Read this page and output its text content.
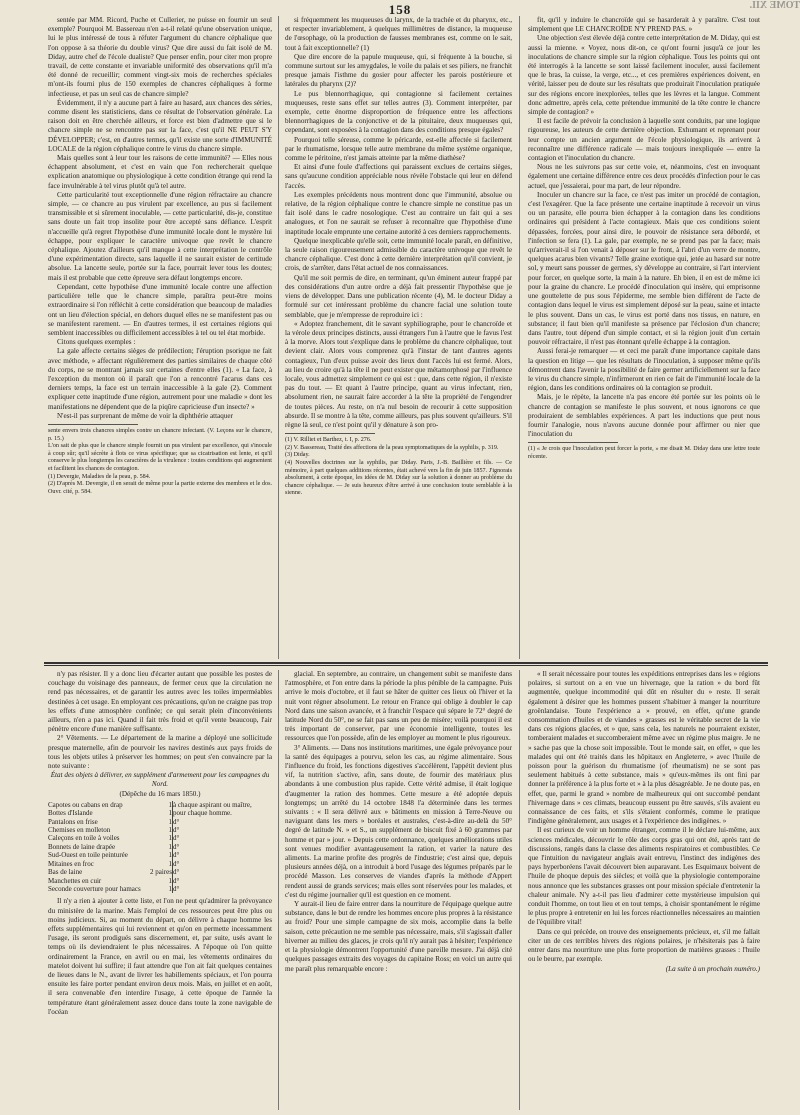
158	TOME XII.

sentée par MM. Ricord, Puche et Cullerier, ne puisse en fournir un seul exemple? Pourquoi M. Bassereau n'en a-t-il relaté qu'une observation unique, lui le plus intéressé de tous à réfuter l'argument du chancre céphalique que l'on oppose à sa théorie du double virus? Que dire aussi du fait isolé de M. Diday, autre chef de l'école dualiste? Que penser enfin, pour citer mon propre travail, de cette constante et invariable uniformité des observations qu'il m'a été donné de recueillir; comment vingt-six mois de recherches spéciales m'ont-ils fourni plus de 150 exemples de chancres céphaliques à forme infectieuse, et pas un seul cas de chancre simple?

Évidemment, il n'y a aucune part à faire au hasard, aux chances des séries, comme disent les statisticiens, dans ce résultat de l'observation générale. La raison doit en être cherchée ailleurs, et force est bien d'admettre que si le chancre simple ne se rencontre pas sur la face, c'est qu'il NE PEUT S'Y DÉVELOPPER; c'est, en d'autres termes, qu'il existe une sorte d'IMMUNITÉ LOCALE de la région céphalique contre le virus du chancre simple.

Mais quelles sont à leur tour les raisons de cette immunité? — Elles nous échappent absolument, et c'est en vain que l'on rechercherait quelque explication anatomique ou physiologique à cette condition étrange qui rend la face invulnérable à tel virus plutôt qu'à tel autre.

Cette particularité tout exceptionnelle d'une région réfractaire au chancre simple, — ce chancre au pus virulent par excellence, au pus si facilement transmissible et si sûrement inoculable, — cette particularité, dis-je, constitue sans doute un fait trop insolite pour être accepté sans défiance. L'esprit n'accueille qu'à regret l'hypothèse d'une immunité locale dont le mystère lui échappe, pour expliquer le caractère univoque que revêt le chancre céphalique. Ajoutez d'ailleurs qu'il manque à cette interprétation le contrôle d'une expérimentation directe, sans laquelle il ne saurait exister de certitude absolue. La lancette seule, portée sur la face, pourrait lever tous les doutes; mais il est probable que cette épreuve sera défaut longtemps encore.

Cependant, cette hypothèse d'une immunité locale contre une affection particulière telle que le chancre simple, paraîtra peut-être moins extraordinaire si l'on réfléchit à cette considération que beaucoup de maladies ont un lieu d'élection spécial, en dehors duquel elles ne se manifestent pas ou se manifestent rarement. — En d'autres termes, il est certaines régions qui semblent inaccessibles ou difficilement accessibles à tel ou tel état morbide.

Citons quelques exemples :

La gale affecte certains sièges de prédilection; l'éruption psorique ne fait avec méthode, » affectant régulièrement des parties similaires de chaque côté du corps, ne se montrant jamais sur certaines d'entre elles (1). « La face, à l'exception du menton où il paraît que l'on a rencontré l'acarus dans ces derniers temps, la face est un terrain inaccessible à la gale (2). Comment expliquer cette inaptitude d'une région, autrement pour une maladie » dont les manifestations ne dépendent que de la piqûre capricieuse d'un insecte? »

N'est-il pas surprenant de même de voir la diphthérie attaquer

sente envers trois chancres simples contre un chancre infectant. (V. Leçons sur le chancre, p. 15.)

L'on sait de plus que le chancre simple fournit un pus virulent par excellence, qui s'inocule à coup sûr; qu'il sécrète à flots ce virus spécifique; que sa cicatrisation est lente, et qu'il conserve le plus longtemps les caractères de la virulence : toutes conditions qui augmentent et facilitent les chances de contagion.

(1) Devergie, Maladies de la peau, p. 584.

(2) D'après M. Devergie, il en serait de même pour la partie externe des membres et le dos. Ouvr. cité, p. 584.

si fréquemment les muqueuses du larynx, de la trachée et du pharynx, etc., et respecter invariablement, à quelques millimètres de distance, la muqueuse de l'œsophage, où la production de fausses membranes est, comme on le sait, tout à fait exceptionnelle? (1)

Que dire encore de la papule muqueuse, qui, si fréquente à la bouche, si commune surtout sur les amygdales, le voile du palais et ses piliers, ne franchit presque jamais l'isthme du gosier pour affecter les parois postérieure et latérales du pharynx (2)?

Le pus blennorrhagique, qui contagionne si facilement certaines muqueuses, reste sans effet sur telles autres (3). Comment interpréter, par exemple, cette énorme disproportion de fréquence entre les affections blennorrhagiques de la conjonctive et de la pituitaire, deux muqueuses qui, cependant, sont exposées à la contagion dans des conditions presque égales?

Pourquoi telle séreuse, comme le péricarde, est-elle affectée si facilement par le rhumatisme, lorsque telle autre membrane du même système organique, comme le péritoine, n'est jamais atteinte par la même diathèse?

Et ainsi d'une foule d'affections qui paraissent exclues de certains sièges, sans qu'aucune condition appréciable nous révèle l'obstacle qui leur en défend l'accès.

Les exemples précédents nous montrent donc que l'immunité, absolue ou relative, de la région céphalique contre le chancre simple ne constitue pas un fait isolé dans le cadre nosologique. C'est au contraire un fait qui a ses analogues, et l'on ne saurait se refuser à reconnaître que l'hypothèse d'une inaptitude locale emprunte une certaine autorité à ces derniers rapprochements.

Quelque inexplicable qu'elle soit, cette immunité locale paraît, en définitive, la seule raison rigoureusement admissible du caractère univoque que revêt le chancre céphalique. C'est donc à cette dernière interprétation qu'il convient, je crois, de s'arrêter, dans l'état actuel de nos connaissances.

Qu'il me soit permis de dire, en terminant, qu'un éminent auteur frappé par des considérations d'un autre ordre a déjà fait pressentir l'hypothèse que je viens de développer. Dans une publication récente (4), M. le docteur Diday a formulé sur cet intéressant problème du chancre facial une solution toute semblable, que je m'empresse de reproduire ici :

« Adoptez franchement, dit le savant syphiliographe, pour le chancroïde et la vérole deux principes distincts, aussi étrangers l'un à l'autre que le favus l'est à la morve. Alors tout s'explique dans le problème du chancre céphalique, tout devient clair. Alors vous comprenez qu'à l'instar de tant d'autres agents contagieux, l'un d'eux puisse avoir des lieux dont l'accès lui est fermé. Alors, au lieu de croire qu'à la tête il ne peut exister que métamorphosé par l'influence locale, vous admettez simplement ce qui est : que, dans cette région, il n'existe pas du tout. — Et quant à l'autre principe, quant au virus infectant, rien, absolument rien, ne saurait faire accorder à la tête la propriété de l'engendrer de toutes pièces. Au reste, on n'a nul besoin de recourir à cette supposition absurde. Il se montre à la tête, comme ailleurs, pas plus souvent qu'ailleurs. S'il règne là seul, ce n'est point qu'il y dénature à son pro-

(1) V. Rilliet et Barthez, t. I, p. 276.

(2) V. Bassereau, Traité des affections de la peau symptomatiques de la syphilis, p. 319.

(3) Diday.

(4) Nouvelles doctrines sur la syphilis, par Diday. Paris, J.-B. Baillière et fils. — Ce mémoire, à part quelques additions récentes, était achevé vers la fin de juin 1857. J'ignorais absolument, à cette époque, les idées de M. Diday sur la solution à donner au problème du chancre céphalique. — Je suis heureux d'être arrivé à une conclusion toute semblable à la sienne.

fit, qu'il y induire le chancroïde qui se hasarderait à y paraître. C'est tout simplement que LE CHANCROÏDE N'Y PREND PAS. »

Une objection s'est élevée déjà contre cette interprétation de M. Diday, qui est aussi la mienne. « Voyez, nous dit-on, ce qu'ont fourni jusqu'à ce jour les inoculations de chancre simple sur la région céphalique. Tous les points qui ont été interrogés à la lancette se sont laissé facilement inoculer, aussi facilement que le bras, la cuisse, la verge, etc..., et ces premières expériences doivent, en vérité, laisser peu de doute sur les résultats que produirait l'inoculation pratiquée sur des régions encore inexplorées, telles que les lèvres et la langue. Comment donc admettre, après cela, cette prétendue immunité de la tête contre le chancre simple de contagion? »

Il est facile de prévoir la conclusion à laquelle sont conduits, par une logique rigoureuse, les auteurs de cette dernière objection. Exhumant et reprenant pour leur compte un ancien argument de l'école physiologique, ils arrivent à reconnaître une différence radicale — mais toujours inexpliquée — entre la contagion et l'inoculation du chancre.

Nous ne les suivrons pas sur cette voie, et, néanmoins, c'est en invoquant également une certaine différence entre ces deux procédés d'infection pour le cas actuel, que j'essaierai, pour ma part, de leur répondre.

Inoculer un chancre sur la face, ce n'est pas imiter un procédé de contagion, c'est l'exagérer. Que la face présente une certaine inaptitude à recevoir un virus ou un parasite, elle pourra bien échapper à la contagion dans les conditions ordinaires qui président à l'acte contagieux. Mais que ces conditions soient dépassées, forcées, pour ainsi dire, le pouvoir de résistance sera débordé, et l'infection se fera (1). La gale, par exemple, ne se prend pas par la face; mais qu'arriverait-il si l'on venait à déposer sur le front, à l'abri d'un verre de montre, quelques acarus bien vivants? Telle graine exotique qui, jetée au hasard sur notre sol, y meurt sans pousser de germes, s'y développe au contraire, si l'art intervient pour forcer, en quelque sorte, la main à la nature. Eh bien, il en est de même ici pour la graine du chancre. Le procédé d'inoculation qui insère, qui emprisonne une gouttelette de pus sous l'épiderme, me semble bien différent de l'acte de contagion dans lequel le virus est simplement déposé sur la peau, saine et intacte le plus souvent. Dans un cas, le virus est porté dans nos tissus, en nature, en substance; il faut bien qu'il manifeste sa présence par l'éclosion d'un chancre; dans l'autre, tout dépend d'un simple contact, et si la région jouit d'un certain pouvoir réfractaire, il n'est pas étonnant qu'elle échappe à la contagion.

Aussi ferai-je remarquer — et ceci me paraît d'une importance capitale dans la question en litige — que les résultats de l'inoculation, à supposer même qu'ils démontrent dans l'avenir la possibilité de faire germer artificiellement sur la face le virus du chancre simple, n'infirmeront en rien ce fait de l'immunité locale de la région, dans les conditions ordinaires où la contagion se produit.

Mais, je le répète, la lancette n'a pas encore été portée sur les points où le chancre de contagion se manifeste le plus souvent, et nous ignorons ce que produiraient de semblables expériences. A part les inductions que peut nous fournir l'analogie, nous n'avons aucune donnée pour affirmer ou nier que l'inoculation du

(1) « Je crois que l'inoculation peut forcer la porte, » me disait M. Diday dans une lettre toute récente.

n'y pas résister. Il y a donc lieu d'écarter autant que possible les postes de couchage du voisinage des panneaux, de fermer ceux que la circulation ne rend pas nécessaires, et de garantir les autres avec les toiles imperméables destinées à cet usage. En employant ces précautions, qu'on ne craigne pas trop les effets d'une atmosphère confinée; ce qui serait plein d'inconvénients ailleurs, n'en a pas ici. Quand il fait très froid et qu'il vente beaucoup, l'air pénètre encore d'une manière suffisante.

2° Vêtements. — Le département de la marine a déployé une sollicitude presque maternelle, afin de pourvoir les navires destinés aux pays froids de tous les objets utiles à préserver les hommes; on peut s'en convaincre par la note suivante :

État des objets à délivrer, en supplément d'armement pour les campagnes du Nord.

(Dépêche du 16 mars 1850.)

Capotes ou cabans en drap	1	à chaque aspirant ou maître,
Bottes d'Islande	1	pour chaque homme.
Pantalons en frise	1	d°
Chemises en molleton	1	d°
Caleçons en toile à voiles	1	d°
Bonnets de laine drapée	1	d°
Sud-Ouest en toile peinturée	1	d°
Mitaines en froc	1	d°
Bas de laine	2 paires	d°
Manchettes en cuir	1	d°
Seconde couverture pour hamacs	1	d°

Il n'y a rien à ajouter à cette liste, et l'on ne peut qu'admirer la prévoyance du ministère de la marine. Mais l'emploi de ces ressources peut être plus ou moins judicieux. Si, au moment du départ, on délivre à chaque homme les effets supplémentaires qui lui reviennent et qu'on en permette incessamment l'usage, ils seront prodigués sans discernement, et, par suite, usés avant le temps où ils deviendraient le plus nécessaires. A l'époque où l'on quitte ordinairement la France, en avril ou en mai, les vêtements ordinaires du matelot doivent lui suffire; il faut attendre que l'on ait fait quelques centaines de lieues dans le N., avant de livrer les habillements spéciaux, et l'on pourra ensuite les faire porter pendant environ deux mois. Mais, en juillet et en août, il sera convenable d'en interdire l'usage, à cette époque de l'année la température étant généralement assez douce dans toute la zone navigable de l'océan

glacial. En septembre, au contraire, un changement subit se manifeste dans l'atmosphère, et l'on entre dans la période la plus pénible de la campagne. Puis arrive le mois d'octobre, et il faut se hâter de quitter ces lieux où l'hiver et la nuit vont régner absolument. Le retour en France qui oblige à doubler le cap Nord dans une saison avancée, et à franchir l'espace qui sépare le 72° degré de latitude Nord du 50°, ne se fait pas sans un peu de misère; voilà pourquoi il est très important de conserver, par une économie intelligente, toutes les ressources que l'on possède, afin de les employer au moment le plus rigoureux.

3° Aliments. — Dans nos institutions maritimes, une égale prévoyance pour la santé des équipages a pourvu, selon les cas, au régime alimentaire. Sous l'influence du froid, les fonctions digestives s'accélèrent, l'appétit devient plus vif, la nutrition s'active, afin, sans doute, de fournir des matériaux plus abondants à une combustion plus rapide. Cette vérité admise, il était logique d'augmenter la ration des hommes. Cette mesure a été adoptée depuis longtemps; un arrêté du 14 octobre 1848 l'a déterminée dans les termes suivants : « Il sera délivré aux » bâtiments en mission à Terre-Neuve ou naviguant dans les mers » boréales et australes, c'est-à-dire au-delà du 50° degré de latitude N. » et S., un supplément de biscuit fixé à 60 grammes par homme et par » jour. » Depuis cette ordonnance, quelques améliorations utiles sont venues modifier avantageusement la ration, et varier la nature des aliments. La marine profite des progrès de l'industrie; c'est ainsi que, depuis plusieurs années déjà, on a introduit à bord l'usage des légumes préparés par le procédé Masson. Les conserves de viandes d'après la méthode d'Appert rendent aussi de grands services; mais elles sont réservées pour les malades, et c'est du régime journalier qu'il est question en ce moment.

Y aurait-il lieu de faire entrer dans la nourriture de l'équipage quelque autre substance, dans le but de rendre les hommes encore plus propres à la résistance au froid? Pour une simple campagne de six mois, accomplie dans la belle saison, cette précaution ne me semble pas nécessaire, mais, s'il s'agissait d'aller hiverner au milieu des glaces, je crois qu'il n'y aurait pas à hésiter; l'expérience et la physiologie démontrent l'opportunité d'une pareille mesure. J'ai déjà cité quelques passages extraits des voyages du capitaine Ross; en voici un autre qui me paraît plus remarquable encore :

« Il serait nécessaire pour toutes les expéditions entreprises dans les » régions polaires, si surtout on a en vue un hivernage, que la ration » du bord fût augmentée, quelque incommodité qui dût en résulter du » reste. Il serait également à désirer que les hommes pussent s'habituer à manger la nourriture groënlandaise. Toute l'expérience a » prouvé, en effet, qu'une grande consommation d'huiles et de viandes » grasses est le véritable secret de la vie dans ces régions glacées, et » que, sans cela, les naturels ne pourraient exister, tomberaient malades et succomberaient même avec un régime plus maigre. Je ne » sache pas que la chose soit impossible. Tout le monde sait, en effet, » que les malades qui ont été traités dans les hôpitaux en Angleterre, » avec l'huile de poisson pour la guérison du rhumatisme (of rheumatism) ne se sont pas seulement habitués à cette substance, mais » qu'eux-mêmes ils ont fini par donner la préférence à la plus forte et » à la plus désagréable. Je ne doute pas, en effet, que, parmi le grand » nombre de malheureux qui ont succombé pendant l'hivernage dans » ces climats, beaucoup eussent pu être sauvés, s'ils avaient eu connaissance de ces faits, et s'ils s'étaient conformés, comme le pratique l'indigène généralement, aux usages et à l'expérience des indigènes. »

Il est curieux de voir un homme étranger, comme il le déclare lui-même, aux sciences médicales, découvrir le rôle des corps gras qui ont été, après tant de discussions, rangés dans la classe des aliments respiratoires et combustibles. Ce que l'intuition du navigateur anglais avait entrevu, l'instinct des indigènes des pays hyperboréens l'avait découvert bien auparavant. Les Esquimaux boivent de l'huile de phoque depuis des siècles; et voilà que la physiologie contemporaine nous annonce que les substances grasses ont pour mission spéciale d'entretenir la chaleur animale. N'y a-t-il pas lieu d'admirer cette mystérieuse impulsion qui conduit l'homme, on tout lieu et en tout temps, à choisir spontanément le régime le plus propre à entretenir en lui les forces réactionnelles nécessaires au maintien de l'équilibre vital!

Dans ce qui précède, on trouve des enseignements précieux, et, s'il me fallait citer un de ces terribles hivers des régions polaires, je n'hésiterais pas à faire entrer dans ma nourriture une plus forte proportion de matières grasses : l'huile ou le beurre, par exemple.

(La suite à un prochain numéro.)
